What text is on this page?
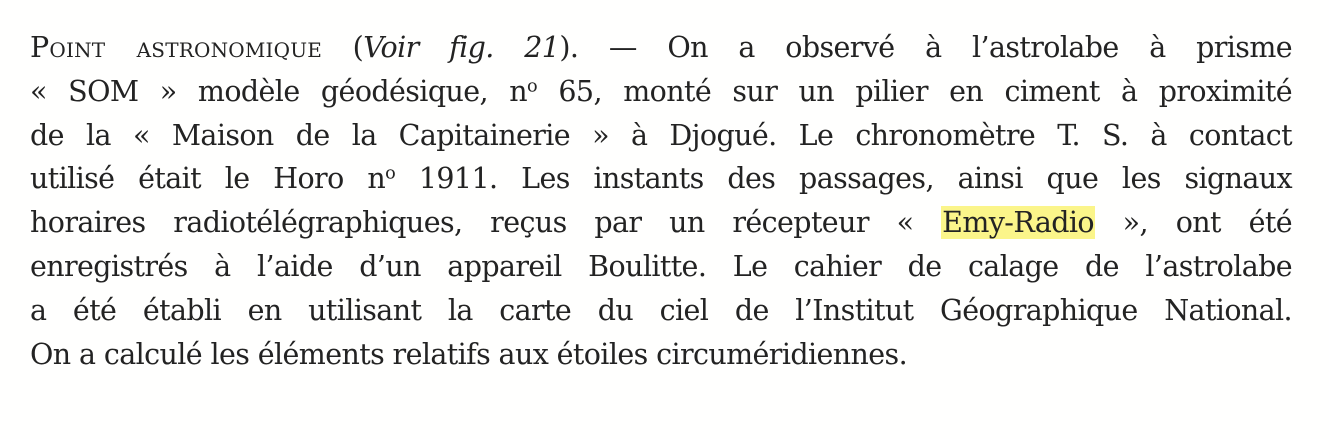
Point astronomique (Voir fig. 21). — On a observé à l’astrolabe à prisme
« SOM » modèle géodésique, $n^o$ 65, monté sur un pilier en ciment à proximité
de la « Maison de la Capitainerie » à Djogué. Le chronomètre T. S. à contact
utilisé était le Horo $n^o$ 1911. Les instants des passages, ainsi que les signaux
horaires radiotélégraphiques, reçus par un récepteur « Emy-Radio », ont été
enregistrés à l’aide d’un appareil Boulitte. Le cahier de calage de l’astrolabe
a été établi en utilisant la carte du ciel de l’Institut Géographique National.
On a calculé les éléments relatifs aux étoiles circuméridiennes.
